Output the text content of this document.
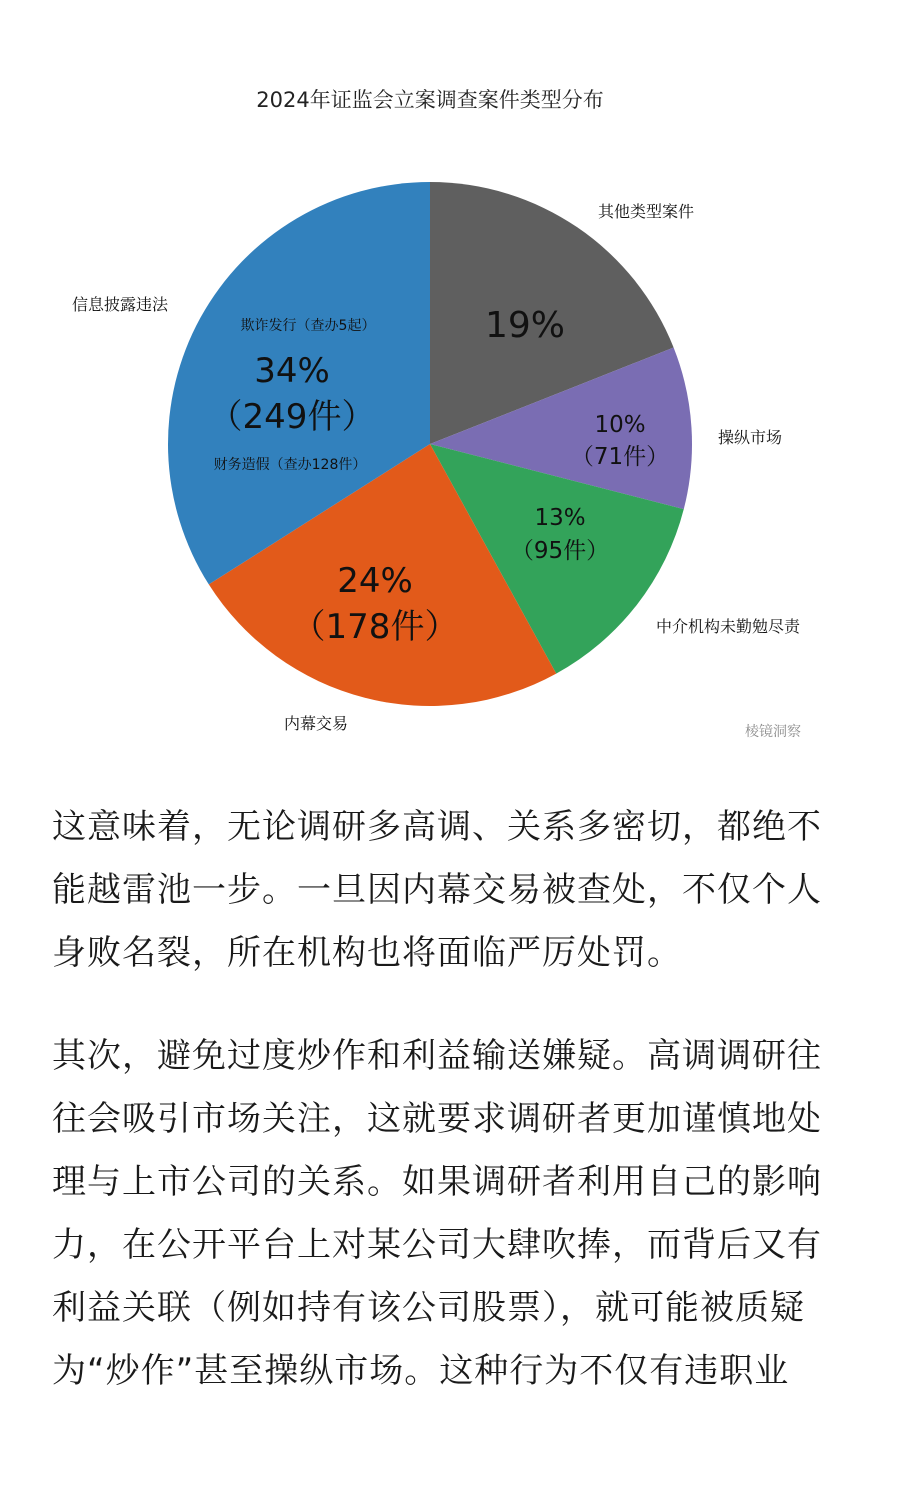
2024年证监会立案调查案件类型分布
19%
10%
（71件）
13%
（95件）
24%
（178件）
34%
（249件）
欺诈发行（查办5起）
财务造假（查办128件）
其他类型案件
操纵市场
中介机构未勤勉尽责
内幕交易
信息披露违法
棱镜洞察

这意味着，无论调研多高调、关系多密切，都绝不能越雷池一步。一旦因内幕交易被查处，不仅个人身败名裂，所在机构也将面临严厉处罚。

其次，避免过度炒作和利益输送嫌疑。高调调研往往会吸引市场关注，这就要求调研者更加谨慎地处理与上市公司的关系。如果调研者利用自己的影响力，在公开平台上对某公司大肆吹捧，而背后又有利益关联（例如持有该公司股票），就可能被质疑为“炒作”甚至操纵市场。这种行为不仅有违职业
